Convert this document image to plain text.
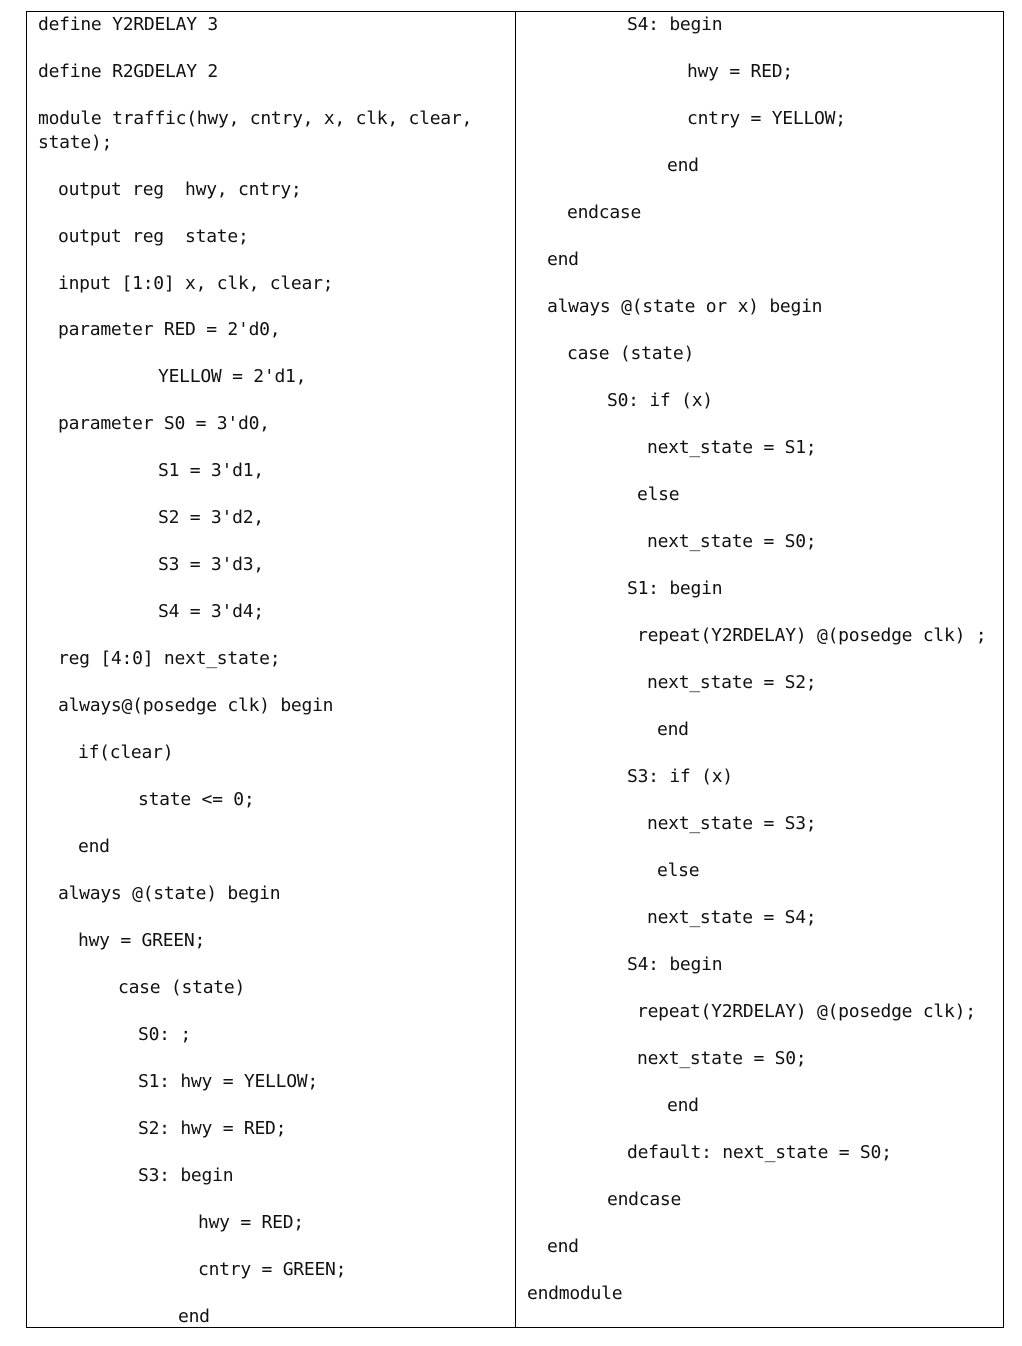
define Y2RDELAY 3
define R2GDELAY 2
module traffic(hwy, cntry, x, clk, clear,
state);
output reg  hwy, cntry;
output reg  state;
input [1:0] x, clk, clear;
parameter RED = 2'd0,
YELLOW = 2'd1,
parameter S0 = 3'd0,
S1 = 3'd1,
S2 = 3'd2,
S3 = 3'd3,
S4 = 3'd4;
reg [4:0] next_state;
always@(posedge clk) begin
if(clear)
state <= 0;
end
always @(state) begin
hwy = GREEN;
case (state)
S0: ;
S1: hwy = YELLOW;
S2: hwy = RED;
S3: begin
hwy = RED;
cntry = GREEN;
end
S4: begin
hwy = RED;
cntry = YELLOW;
end
endcase
end
always @(state or x) begin
case (state)
S0: if (x)
next_state = S1;
else
next_state = S0;
S1: begin
repeat(Y2RDELAY) @(posedge clk) ;
next_state = S2;
end
S3: if (x)
next_state = S3;
else
next_state = S4;
S4: begin
repeat(Y2RDELAY) @(posedge clk);
next_state = S0;
end
default: next_state = S0;
endcase
end
endmodule
